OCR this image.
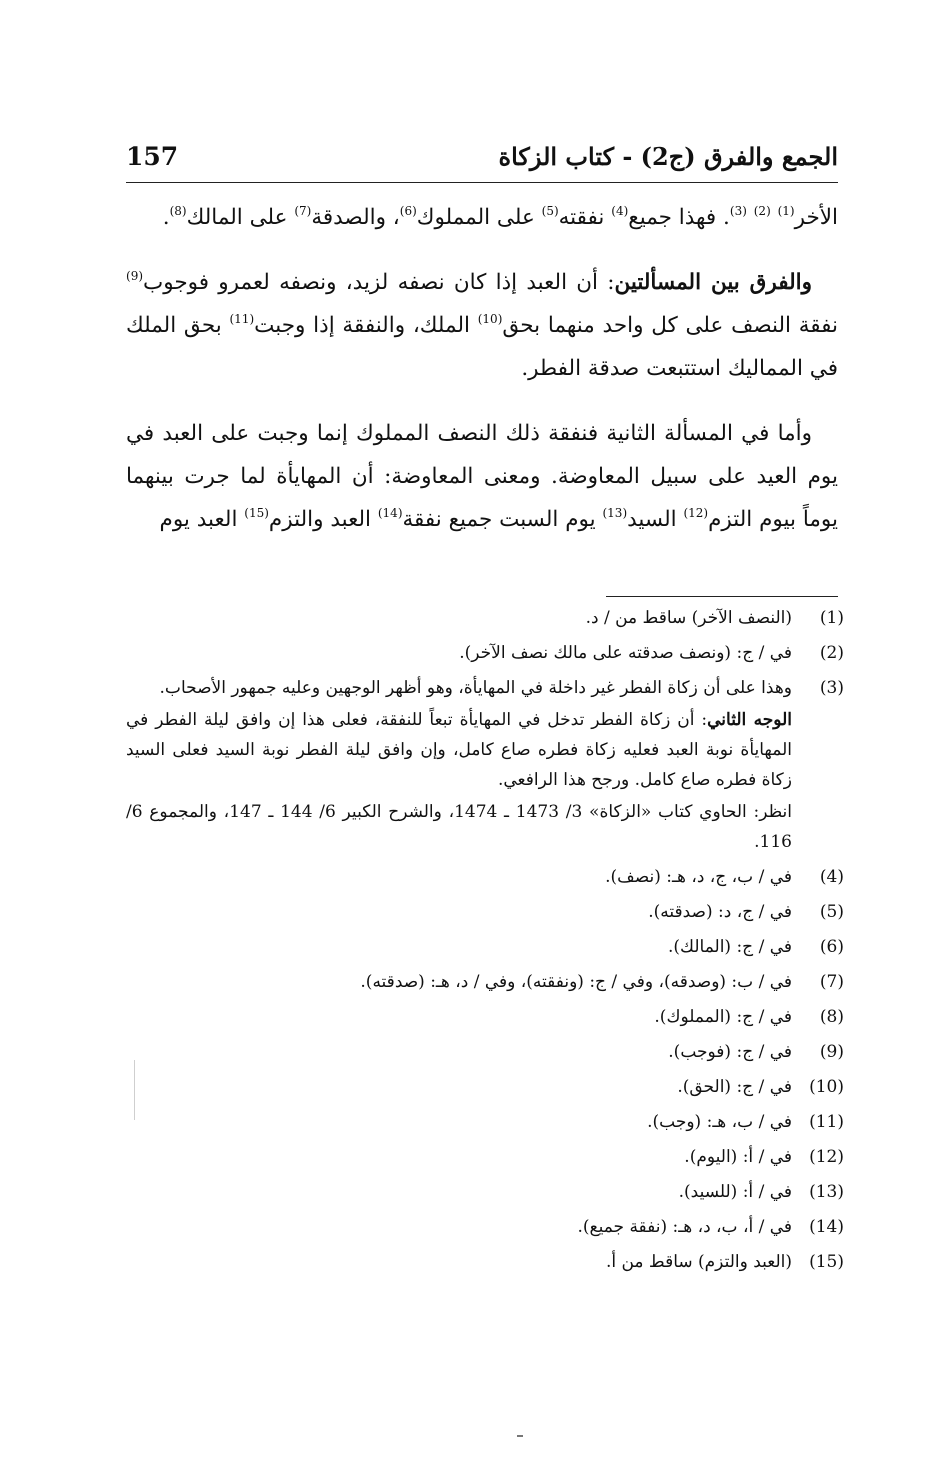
الجمع والفرق (ج2) - كتاب الزكاة
157

الأخر$^{(1)}$ $^{(2)}$ $^{(3)}$. فهذا جميع$^{(4)}$ نفقته$^{(5)}$ على المملوك$^{(6)}$، والصدقة$^{(7)}$ على المالك$^{(8)}$.

والفرق بين المسألتين: أن العبد إذا كان نصفه لزيد، ونصفه لعمرو فوجوب$^{(9)}$ نفقة النصف على كل واحد منهما بحق$^{(10)}$ الملك، والنفقة إذا وجبت$^{(11)}$ بحق الملك في المماليك استتبعت صدقة الفطر.

وأما في المسألة الثانية فنفقة ذلك النصف المملوك إنما وجبت على العبد في يوم العيد على سبيل المعاوضة. ومعنى المعاوضة: أن المهايأة لما جرت بينهما يوماً بيوم التزم$^{(12)}$ السيد$^{(13)}$ يوم السبت جميع نفقة$^{(14)}$ العبد والتزم$^{(15)}$ العبد يوم

(1)
(النصف الآخر) ساقط من / د.
(2)
في / ج: (ونصف صدقته على مالك نصف الآخر).
(3)

وهذا على أن زكاة الفطر غير داخلة في المهايأة، وهو أظهر الوجهين وعليه جمهور الأصحاب.

الوجه الثاني: أن زكاة الفطر تدخل في المهايأة تبعاً للنفقة، فعلى هذا إن وافق ليلة الفطر في المهايأة نوبة العبد فعليه زكاة فطره صاع كامل، وإن وافق ليلة الفطر نوبة السيد فعلى السيد زكاة فطره صاع كامل. ورجح هذا الرافعي.

انظر: الحاوي كتاب «الزكاة» 3/ 1473 ـ 1474، والشرح الكبير 6/ 144 ـ 147، والمجموع 6/ 116.

(4)
في / ب، ج، د، هـ: (نصف).
(5)
في / ج، د: (صدقته).
(6)
في / ج: (المالك).
(7)
في / ب: (وصدقه)، وفي / ج: (ونفقته)، وفي / د، هـ: (صدقته).
(8)
في / ج: (المملوك).
(9)
في / ج: (فوجب).
(10)
في / ج: (الحق).
(11)
في / ب، هـ: (وجب).
(12)
في / أ: (اليوم).
(13)
في / أ: (للسيد).
(14)
في / أ، ب، د، هـ: (نفقة جميع).
(15)
(العبد والتزم) ساقط من أ.
